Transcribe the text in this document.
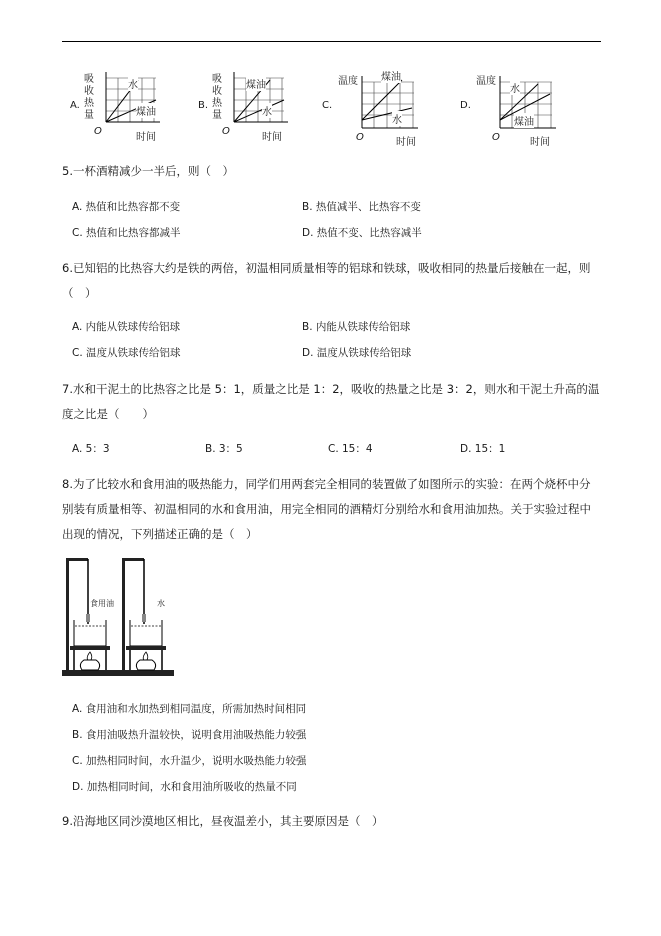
A.
吸
收
热
量
水
煤油
O
时间
B.
吸
收
热
量
煤油
水
O
时间
C.
温度 煤油
水
O	时间
D.
温度
水
煤油
O	时间
5.一杯酒精减少一半后，则（　）
A. 热值和比热容都不变	B. 热值减半、比热容不变
C. 热值和比热容都减半	D. 热值不变、比热容减半
6.已知铝的比热容大约是铁的两倍，初温相同质量相等的铝球和铁球，吸收相同的热量后接触在一起，则
（　）
A. 内能从铁球传给铝球	B. 内能从铁球传给铝球
C. 温度从铁球传给铝球	D. 温度从铁球传给铝球
7.水和干泥土的比热容之比是 5：1，质量之比是 1：2，吸收的热量之比是 3：2，则水和干泥土升高的温
度之比是（　　）
A. 5：3	B. 3：5	C. 15：4	D. 15：1
8.为了比较水和食用油的吸热能力，同学们用两套完全相同的装置做了如图所示的实验：在两个烧杯中分
别装有质量相等、初温相同的水和食用油，用完全相同的酒精灯分别给水和食用油加热。关于实验过程中
出现的情况，下列描述正确的是（　）
食用油	水
A. 食用油和水加热到相同温度，所需加热时间相同
B. 食用油吸热升温较快，说明食用油吸热能力较强
C. 加热相同时间，水升温少，说明水吸热能力较强
D. 加热相同时间，水和食用油所吸收的热量不同
9.沿海地区同沙漠地区相比，昼夜温差小，其主要原因是（　）
